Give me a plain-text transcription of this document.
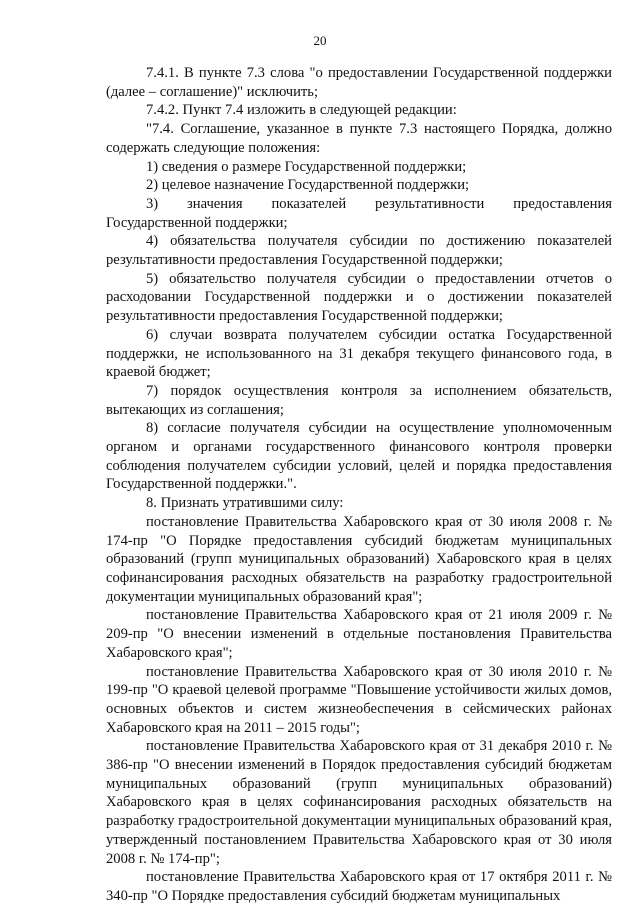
20

7.4.1. В пункте 7.3 слова "о предоставлении Государственной поддержки (далее – соглашение)" исключить;

7.4.2. Пункт 7.4 изложить в следующей редакции:

"7.4. Соглашение, указанное в пункте 7.3 настоящего Порядка, должно содержать следующие положения:

1) сведения о размере Государственной поддержки;

2) целевое назначение Государственной поддержки;

3) значения показателей результативности предоставления Государственной поддержки;

4) обязательства получателя субсидии по достижению показателей результативности предоставления Государственной поддержки;

5) обязательство получателя субсидии о предоставлении отчетов о расходовании Государственной поддержки и о достижении показателей результативности предоставления Государственной поддержки;

6) случаи возврата получателем субсидии остатка Государственной поддержки, не использованного на 31 декабря текущего финансового года, в краевой бюджет;

7) порядок осуществления контроля за исполнением обязательств, вытекающих из соглашения;

8) согласие получателя субсидии на осуществление уполномоченным органом и органами государственного финансового контроля проверки соблюдения получателем субсидии условий, целей и порядка предоставления Государственной поддержки.".

8. Признать утратившими силу:

постановление Правительства Хабаровского края от 30 июля 2008 г. № 174-пр "О Порядке предоставления субсидий бюджетам муниципальных образований (групп муниципальных образований) Хабаровского края в целях софинансирования расходных обязательств на разработку градостроительной документации муниципальных образований края";

постановление Правительства Хабаровского края от 21 июля 2009 г. № 209-пр "О внесении изменений в отдельные постановления Правительства Хабаровского края";

постановление Правительства Хабаровского края от 30 июля 2010 г. № 199-пр "О краевой целевой программе "Повышение устойчивости жилых домов, основных объектов и систем жизнеобеспечения в сейсмических районах Хабаровского края на 2011 – 2015 годы";

постановление Правительства Хабаровского края от 31 декабря 2010 г. № 386-пр "О внесении изменений в Порядок предоставления субсидий бюджетам муниципальных образований (групп муниципальных образований) Хабаровского края в целях софинансирования расходных обязательств на разработку градостроительной документации муниципальных образований края, утвержденный постановлением Правительства Хабаровского края от 30 июля 2008 г. № 174-пр";

постановление Правительства Хабаровского края от 17 октября 2011 г. № 340-пр "О Порядке предоставления субсидий бюджетам муниципальных
